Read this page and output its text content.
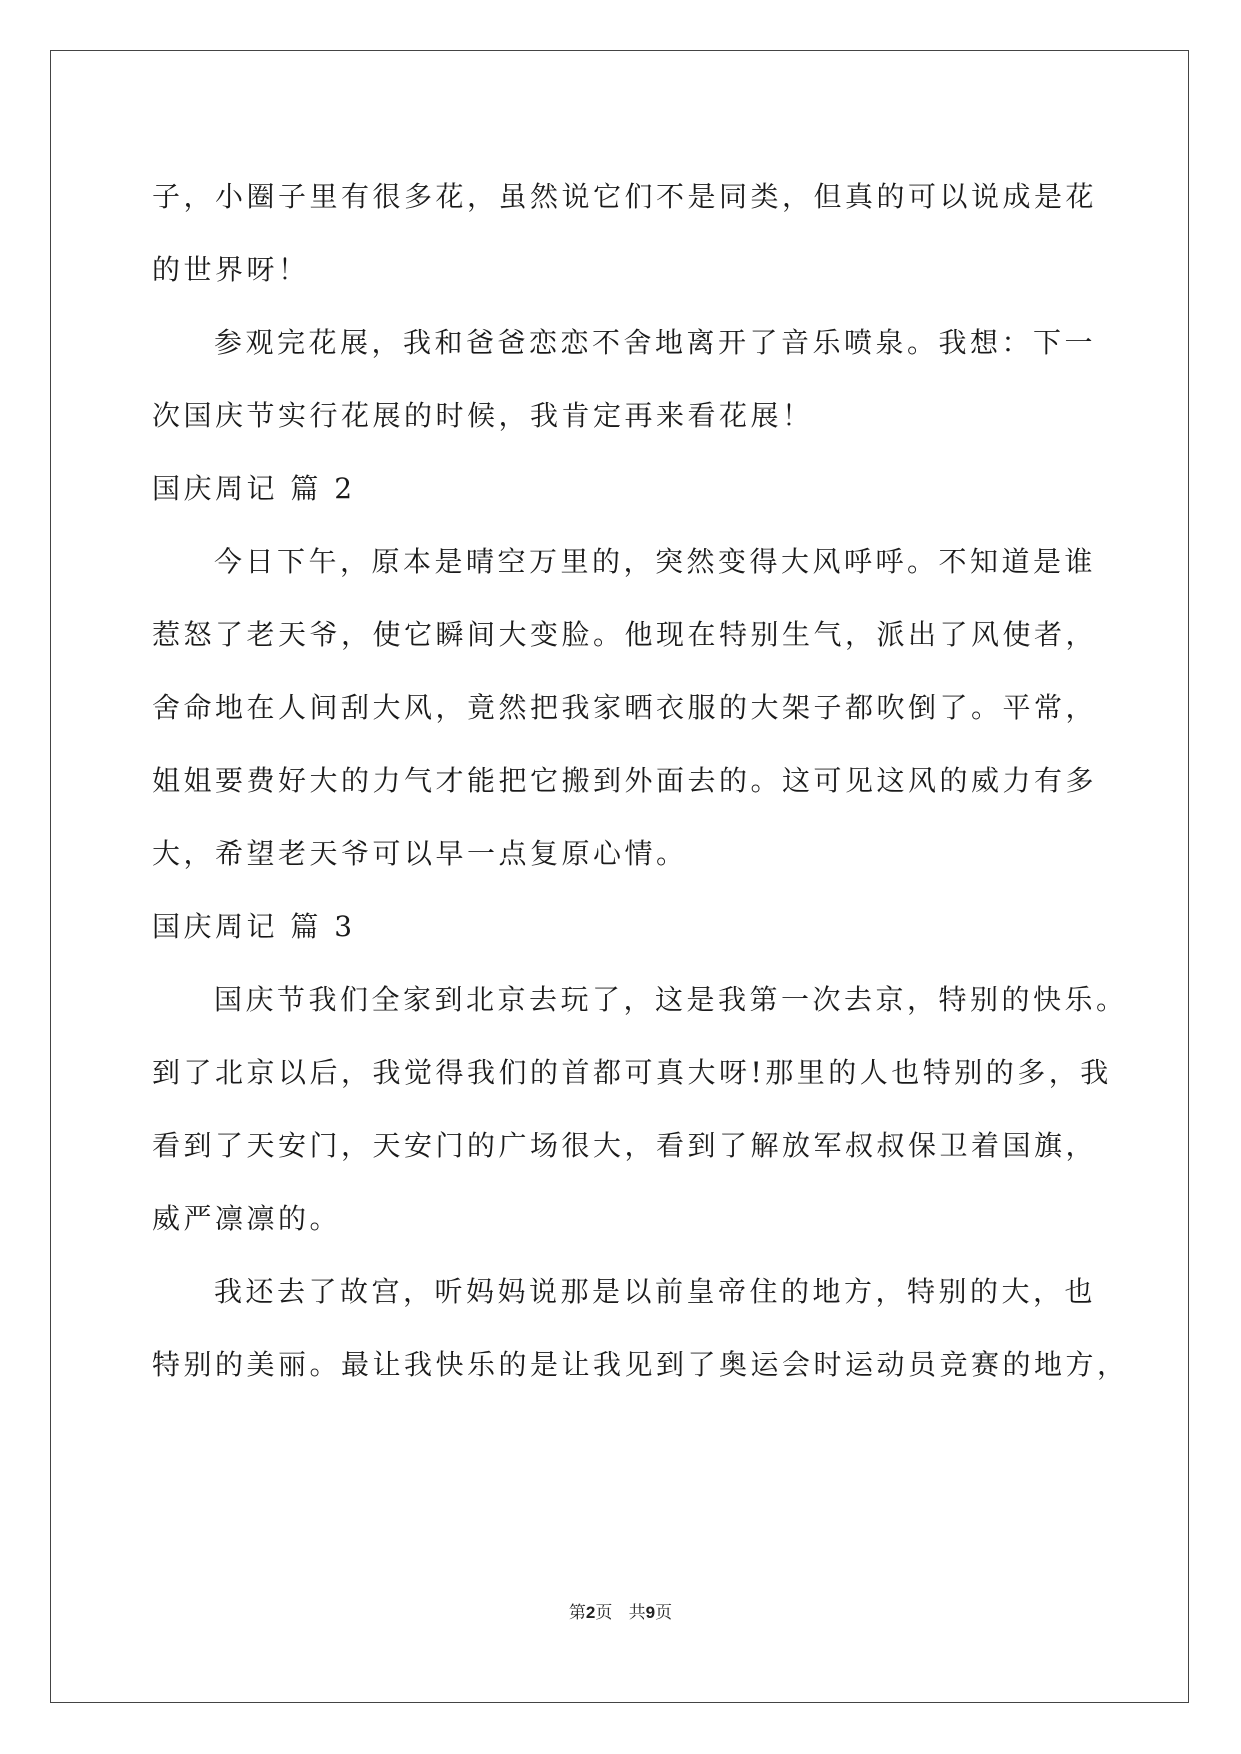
子，小圈子里有很多花，虽然说它们不是同类，但真的可以说成是花
的世界呀！
参观完花展，我和爸爸恋恋不舍地离开了音乐喷泉。我想：下一
次国庆节实行花展的时候，我肯定再来看花展！
国庆周记 篇 2
今日下午，原本是晴空万里的，突然变得大风呼呼。不知道是谁
惹怒了老天爷，使它瞬间大变脸。他现在特别生气，派出了风使者，
舍命地在人间刮大风，竟然把我家晒衣服的大架子都吹倒了。平常，
姐姐要费好大的力气才能把它搬到外面去的。这可见这风的威力有多
大，希望老天爷可以早一点复原心情。
国庆周记 篇 3
国庆节我们全家到北京去玩了，这是我第一次去京，特别的快乐。
到了北京以后，我觉得我们的首都可真大呀!那里的人也特别的多，我
看到了天安门，天安门的广场很大，看到了解放军叔叔保卫着国旗，
威严凛凛的。
我还去了故宫，听妈妈说那是以前皇帝住的地方，特别的大，也
特别的美丽。最让我快乐的是让我见到了奥运会时运动员竞赛的地方，
第2页   共9页
